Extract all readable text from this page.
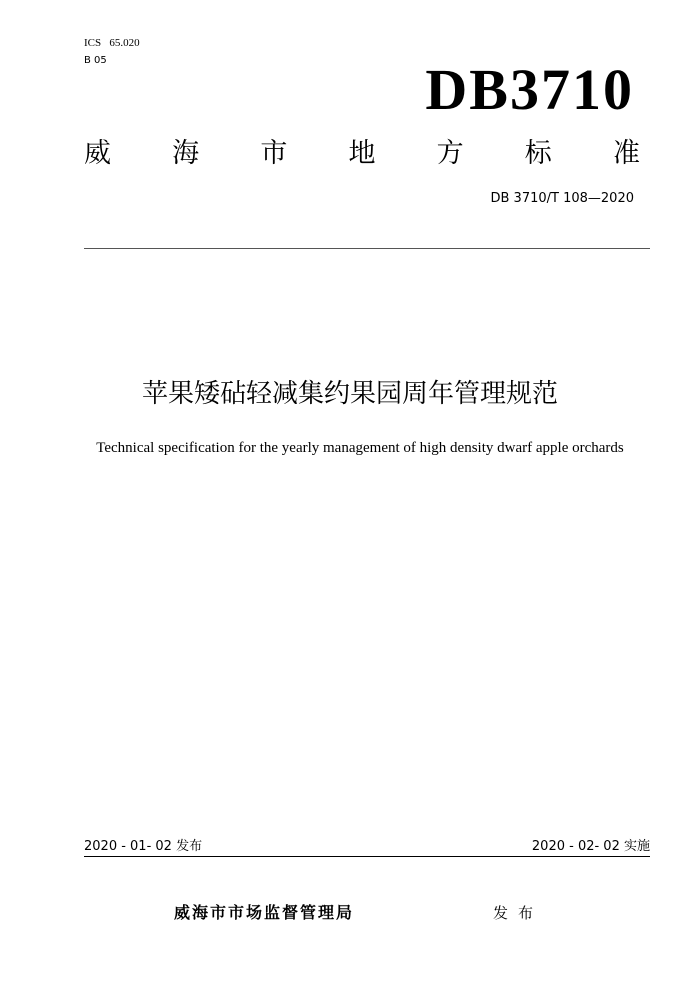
ICS   65.020
B 05	DB3710
威 海 市 地 方 标 准
DB 3710/T 108—2020
苹果矮砧轻减集约果园周年管理规范
Technical specification for the yearly management of high density dwarf apple orchards
2020 - 01- 02 发布	2020 - 02- 02 实施
威海市市场监督管理局	发布
